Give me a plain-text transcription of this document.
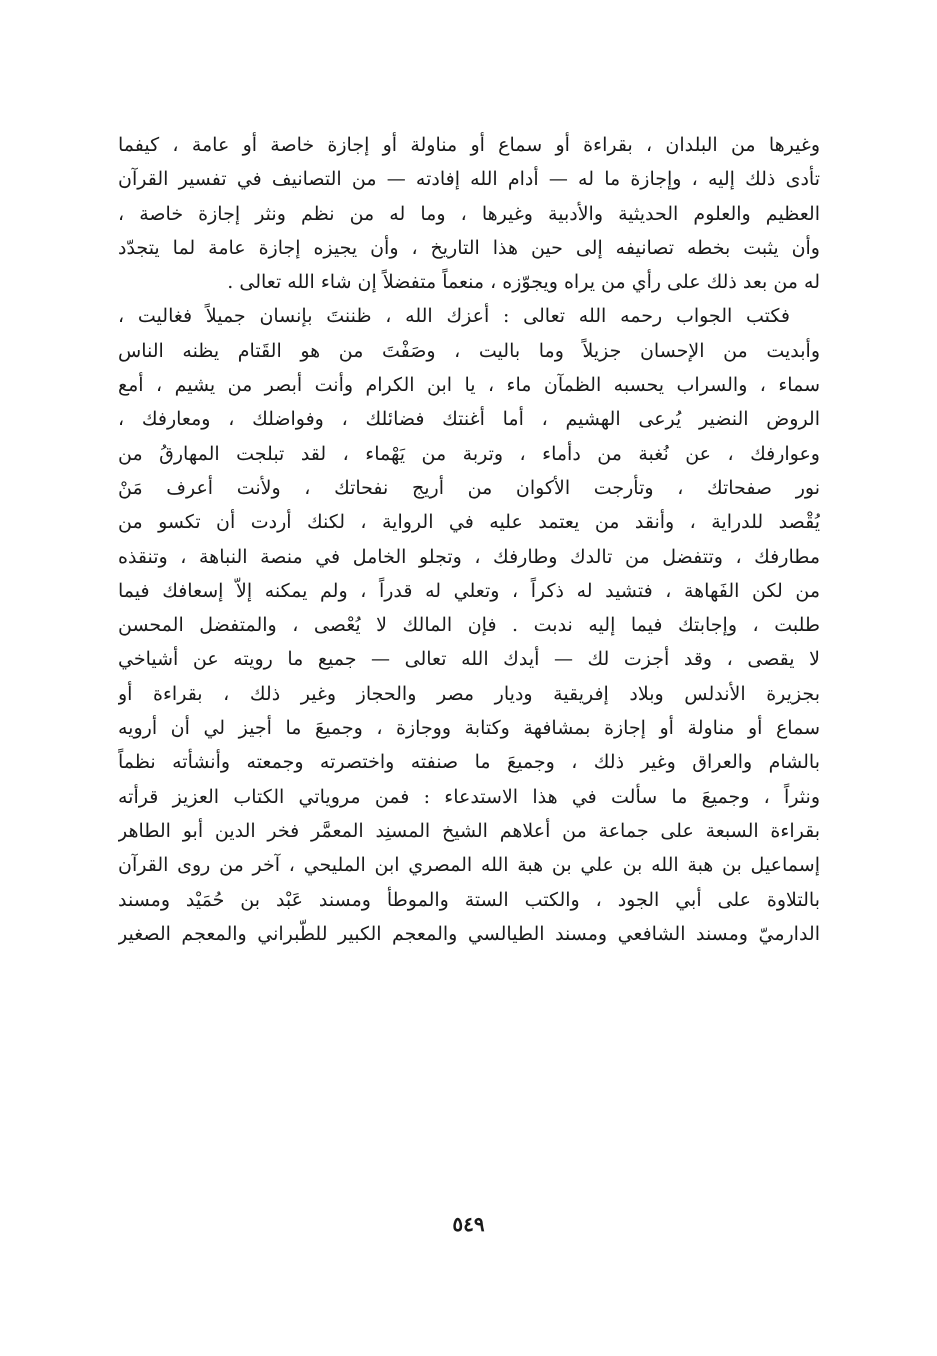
وغيرها من البلدان ، بقراءة أو سماع أو مناولة أو إجازة خاصة أو عامة ، كيفما
تأدى ذلك إليه ، وإجازة ما له — أدام الله إفادته — من التصانيف في تفسير القرآن
العظيم والعلوم الحديثية والأدبية وغيرها ، وما له من نظم ونثر إجازة خاصة ،
وأن يثبت بخطه تصانيفه إلى حين هذا التاريخ ، وأن يجيزه إجازة عامة لما يتجدّد
له من بعد ذلك على رأي من يراه ويجوّزه ، منعماً متفضلاً إن شاء الله تعالى .
فكتب الجواب رحمه الله تعالى : أعزك الله ، ظننتَ بإنسان جميلاً فغاليت ،
وأبديت من الإحسان جزيلاً وما باليت ، وصَفْتَ من هو القَتام يظنه الناس
سماء ، والسراب يحسبه الظمآن ماء ، يا ابن الكرام وأنت أبصر من يشيم ، أمع
الروض النضير يُرعى الهشيم ، أما أغنتك فضائلك ، وفواضلك ، ومعارفك ،
وعوارفك ، عن نُغبة من دأماء ، وتربة من يَهْماء ، لقد تبلجت المهارقُ من
نور صفحاتك ، وتأرجت الأكوان من أريج نفحاتك ، ولأنت أعرف مَنْ
يُقْصد للدراية ، وأنقد من يعتمد عليه في الرواية ، لكنك أردت أن تكسو من
مطارفك ، وتتفضل من تالدك وطارفك ، وتجلو الخامل في منصة النباهة ، وتنقذه
من لكن الفَهاهة ، فتشيد له ذكراً ، وتعلي له قدراً ، ولم يمكنه إلاّ إسعافك فيما
طلبت ، وإجابتك فيما إليه ندبت . فإن المالك لا يُعْصى ، والمتفضل المحسن
لا يقصى ، وقد أجزت لك — أيدك الله تعالى — جميع ما رويته عن أشياخي
بجزيرة الأندلس وبلاد إفريقية وديار مصر والحجاز وغير ذلك ، بقراءة أو
سماع أو مناولة أو إجازة بمشافهة وكتابة ووجازة ، وجميعَ ما أجيز لي أن أرويه
بالشام والعراق وغير ذلك ، وجميعَ ما صنفته واختصرته وجمعته وأنشأته نظماً
ونثراً ، وجميعَ ما سألت في هذا الاستدعاء : فمن مروياتي الكتاب العزيز قرأته
بقراءة السبعة على جماعة من أعلاهم الشيخ المسنِد المعمَّر فخر الدين أبو الطاهر
إسماعيل بن هبة الله بن علي بن هبة الله المصري ابن المليحي ، آخر من روى القرآن
بالتلاوة على أبي الجود ، والكتب الستة والموطأ ومسند عَبْد بن حُمَيْد ومسند
الدارميّ ومسند الشافعي ومسند الطيالسي والمعجم الكبير للطّبراني والمعجم الصغير
٥٤٩
